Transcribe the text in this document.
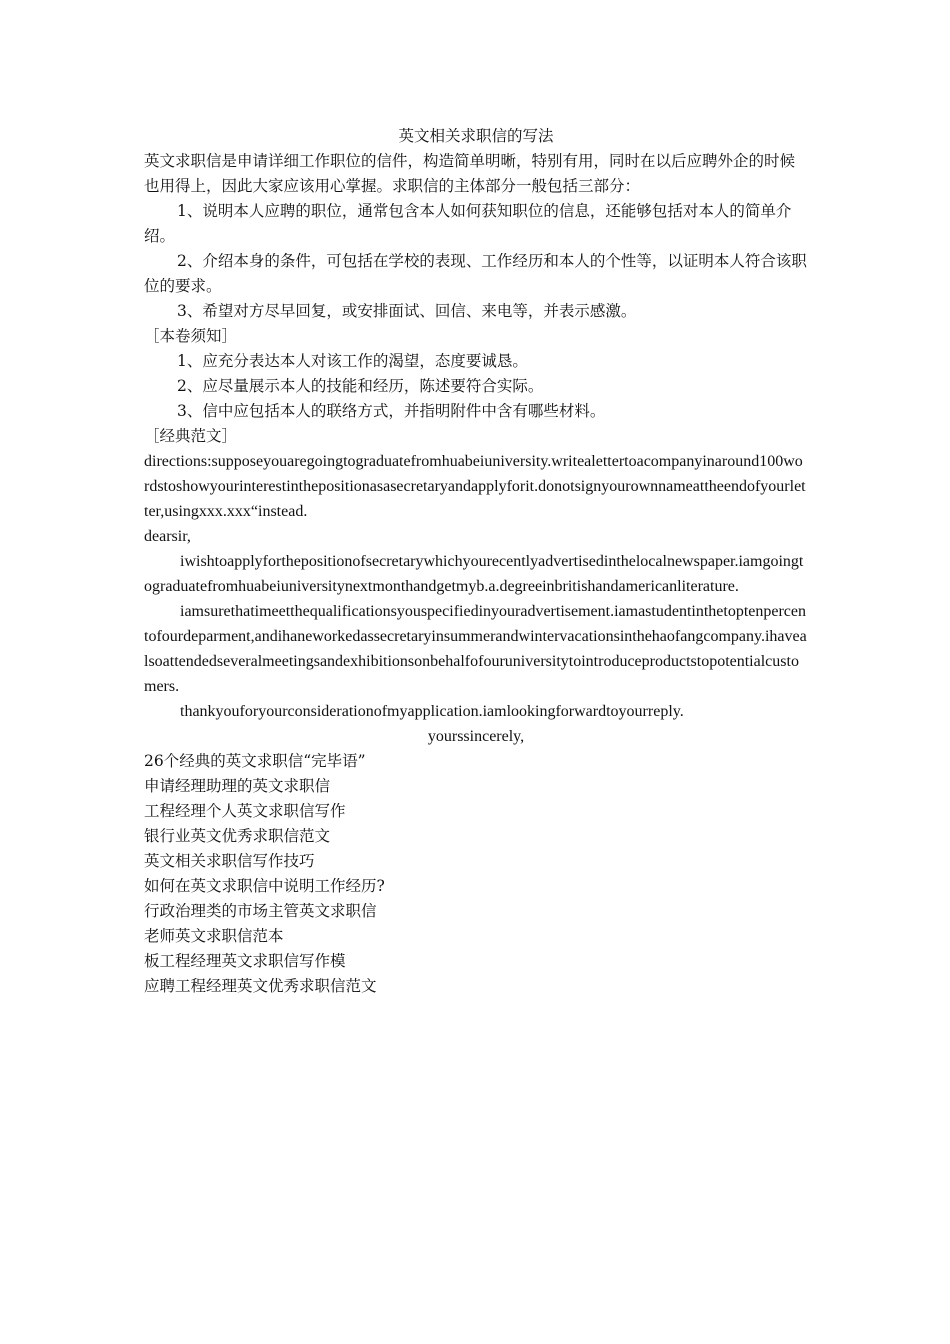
英文相关求职信的写法

英文求职信是申请详细工作职位的信件，构造简单明晰，特别有用，同时在以后应聘外企的时候也用得上，因此大家应该用心掌握。求职信的主体部分一般包括三部分：

1、说明本人应聘的职位，通常包含本人如何获知职位的信息，还能够包括对本人的简单介绍。

2、介绍本身的条件，可包括在学校的表现、工作经历和本人的个性等，以证明本人符合该职位的要求。

3、希望对方尽早回复，或安排面试、回信、来电等，并表示感激。

［本卷须知］

1、应充分表达本人对该工作的渴望，态度要诚恳。

2、应尽量展示本人的技能和经历，陈述要符合实际。

3、信中应包括本人的联络方式，并指明附件中含有哪些材料。

［经典范文］

directions:supposeyouaregoingtograduatefromhuabeiuniversity.writealettertoacompanyinaround100wordstoshowyourinterestinthepositionasasecretaryandapplyforit.donotsignyourownnameattheendofyourletter,usingxxx.xxx“instead.

dearsir,

iwishtoapplyforthepositionofsecretarywhichyourecentlyadvertisedinthelocalnewspaper.iamgoingtograduatefromhuabeiuniversitynextmonthandgetmyb.a.degreeinbritishandamericanliterature.

iamsurethatimeetthequalificationsyouspecifiedinyouradvertisement.iamastudentinthetoptenpercentofourdeparment,andihaneworkedassecretaryinsummerandwintervacationsinthehaofangcompany.ihavealsoattendedseveralmeetingsandexhibitionsonbehalfofouruniversitytointroduceproductstopotentialcustomers.

thankyouforyourconsiderationofmyapplication.iamlookingforwardtoyourreply.

yourssincerely,

26个经典的英文求职信“完毕语”

申请经理助理的英文求职信

工程经理个人英文求职信写作

银行业英文优秀求职信范文

英文相关求职信写作技巧

如何在英文求职信中说明工作经历?

行政治理类的市场主管英文求职信

老师英文求职信范本

板工程经理英文求职信写作模

应聘工程经理英文优秀求职信范文
